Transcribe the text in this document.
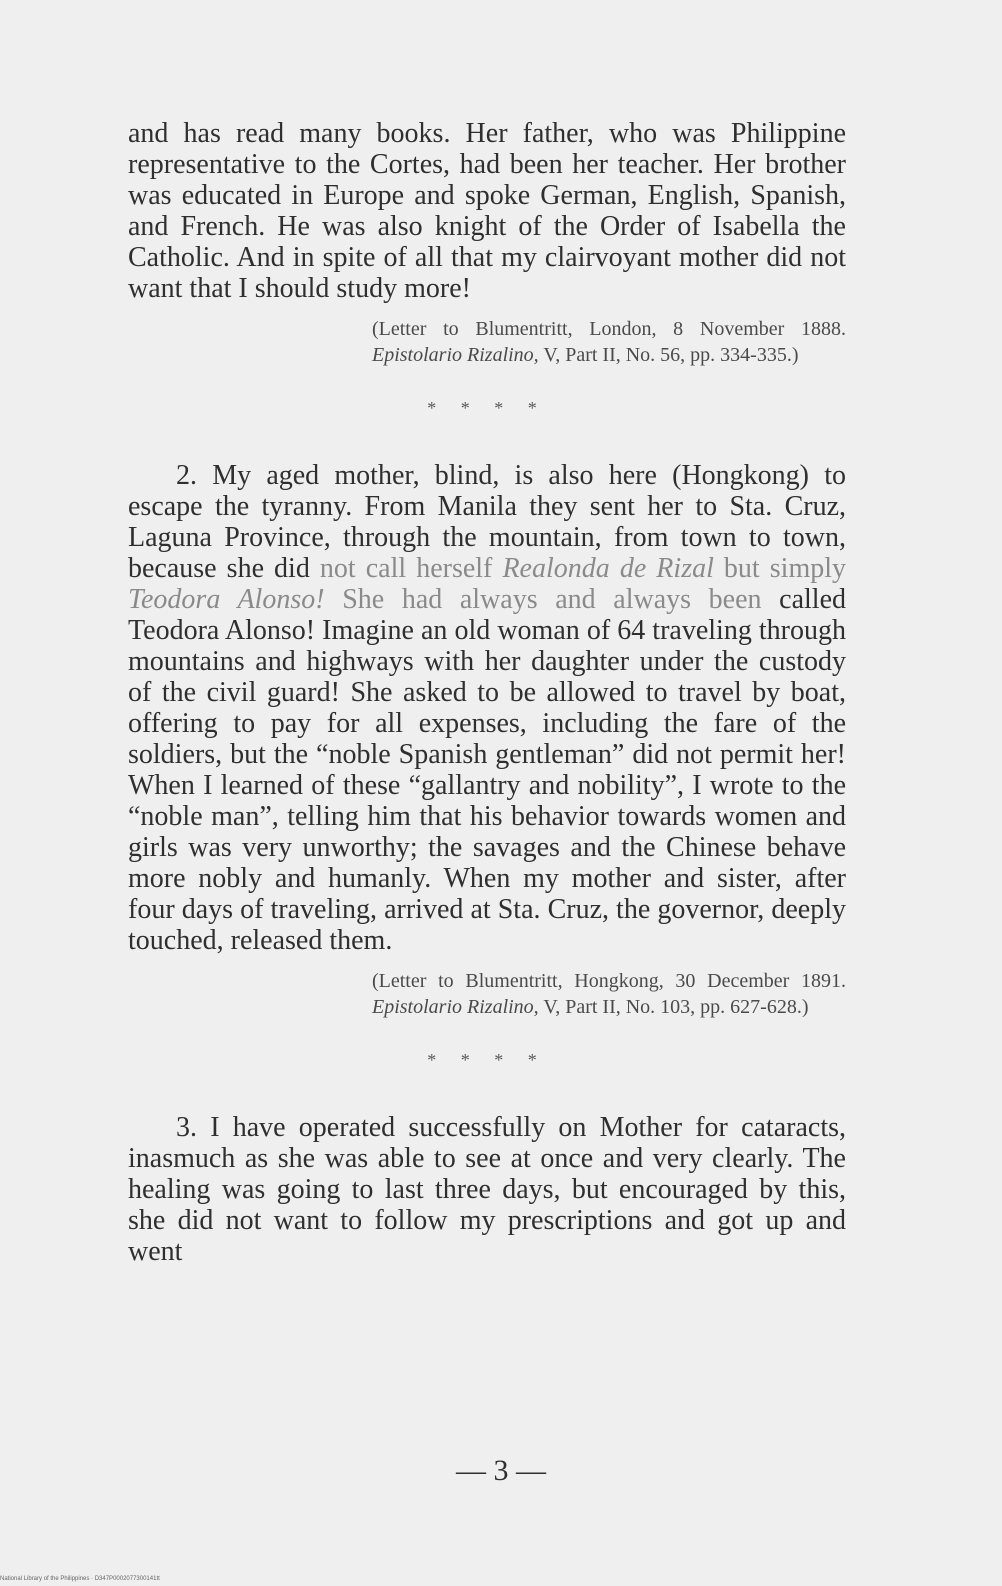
and has read many books. Her father, who was Philippine representative to the Cortes, had been her teacher. Her brother was educated in Europe and spoke German, English, Spanish, and French. He was also knight of the Order of Isabella the Catholic. And in spite of all that my clairvoyant mother did not want that I should study more!

(Letter to Blumentritt, London, 8 November 1888. Epistolario Rizalino, V, Part II, No. 56, pp. 334-335.)
* * * *

2. My aged mother, blind, is also here (Hongkong) to escape the tyranny. From Manila they sent her to Sta. Cruz, Laguna Province, through the mountain, from town to town, because she did not call herself Realonda de Rizal but simply Teodora Alonso! She had always and always been called Teodora Alonso! Imagine an old woman of 64 traveling through mountains and highways with her daughter under the custody of the civil guard! She asked to be allowed to travel by boat, offering to pay for all expenses, including the fare of the soldiers, but the “noble Spanish gentleman” did not permit her! When I learned of these “gallantry and nobility”, I wrote to the “noble man”, telling him that his behavior towards women and girls was very unworthy; the savages and the Chinese behave more nobly and humanly. When my mother and sister, after four days of traveling, arrived at Sta. Cruz, the governor, deeply touched, released them.

(Letter to Blumentritt, Hongkong, 30 December 1891. Epistolario Rizalino, V, Part II, No. 103, pp. 627-628.)
* * * *

3. I have operated successfully on Mother for cataracts, inasmuch as she was able to see at once and very clearly. The healing was going to last three days, but encouraged by this, she did not want to follow my prescriptions and got up and went

— 3 —
National Library of the Philippines · D347P0002077300141tt
